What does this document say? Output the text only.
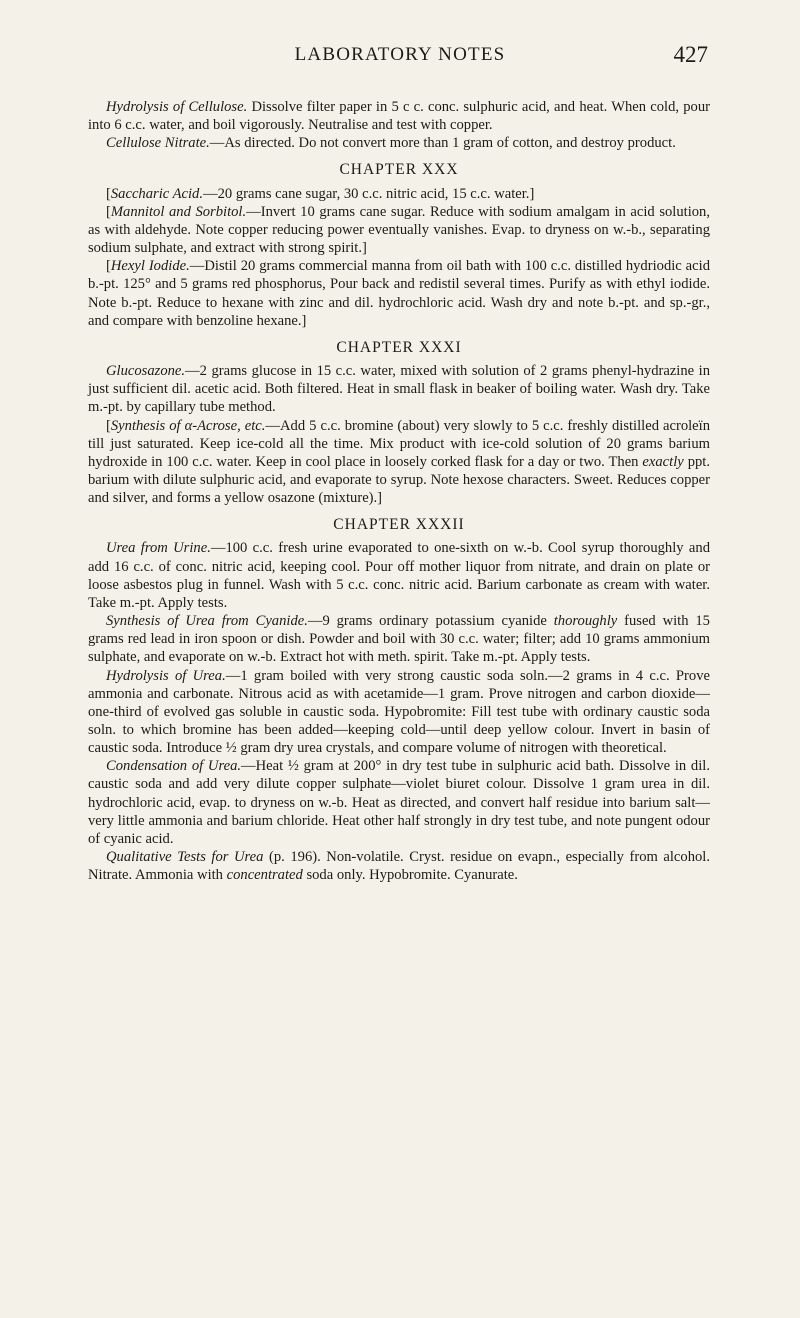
LABORATORY NOTES	427

Hydrolysis of Cellulose. Dissolve filter paper in 5 c c. conc. sulphuric acid, and heat. When cold, pour into 6 c.c. water, and boil vigorously. Neutralise and test with copper.

Cellulose Nitrate.—As directed. Do not convert more than 1 gram of cotton, and destroy product.

CHAPTER XXX

[Saccharic Acid.—20 grams cane sugar, 30 c.c. nitric acid, 15 c.c. water.]

[Mannitol and Sorbitol.—Invert 10 grams cane sugar. Reduce with sodium amalgam in acid solution, as with aldehyde. Note copper reducing power eventually vanishes. Evap. to dryness on w.-b., separating sodium sulphate, and extract with strong spirit.]

[Hexyl Iodide.—Distil 20 grams commercial manna from oil bath with 100 c.c. distilled hydriodic acid b.-pt. 125° and 5 grams red phosphorus, Pour back and redistil several times. Purify as with ethyl iodide. Note b.-pt. Reduce to hexane with zinc and dil. hydrochloric acid. Wash dry and note b.-pt. and sp.-gr., and compare with benzoline hexane.]

CHAPTER XXXI

Glucosazone.—2 grams glucose in 15 c.c. water, mixed with solution of 2 grams phenyl-hydrazine in just sufficient dil. acetic acid. Both filtered. Heat in small flask in beaker of boiling water. Wash dry. Take m.-pt. by capillary tube method.

[Synthesis of α-Acrose, etc.—Add 5 c.c. bromine (about) very slowly to 5 c.c. freshly distilled acroleïn till just saturated. Keep ice-cold all the time. Mix product with ice-cold solution of 20 grams barium hydroxide in 100 c.c. water. Keep in cool place in loosely corked flask for a day or two. Then exactly ppt. barium with dilute sulphuric acid, and evaporate to syrup. Note hexose characters. Sweet. Reduces copper and silver, and forms a yellow osazone (mixture).]

CHAPTER XXXII

Urea from Urine.—100 c.c. fresh urine evaporated to one-sixth on w.-b. Cool syrup thoroughly and add 16 c.c. of conc. nitric acid, keeping cool. Pour off mother liquor from nitrate, and drain on plate or loose asbestos plug in funnel. Wash with 5 c.c. conc. nitric acid. Barium carbonate as cream with water. Take m.-pt. Apply tests.

Synthesis of Urea from Cyanide.—9 grams ordinary potassium cyanide thoroughly fused with 15 grams red lead in iron spoon or dish. Powder and boil with 30 c.c. water; filter; add 10 grams ammonium sulphate, and evaporate on w.-b. Extract hot with meth. spirit. Take m.-pt. Apply tests.

Hydrolysis of Urea.—1 gram boiled with very strong caustic soda soln.—2 grams in 4 c.c. Prove ammonia and carbonate. Nitrous acid as with acetamide—1 gram. Prove nitrogen and carbon dioxide—one-third of evolved gas soluble in caustic soda. Hypobromite: Fill test tube with ordinary caustic soda soln. to which bromine has been added—keeping cold—until deep yellow colour. Invert in basin of caustic soda. Introduce ½ gram dry urea crystals, and compare volume of nitrogen with theoretical.

Condensation of Urea.—Heat ½ gram at 200° in dry test tube in sulphuric acid bath. Dissolve in dil. caustic soda and add very dilute copper sulphate—violet biuret colour. Dissolve 1 gram urea in dil. hydrochloric acid, evap. to dryness on w.-b. Heat as directed, and convert half residue into barium salt—very little ammonia and barium chloride. Heat other half strongly in dry test tube, and note pungent odour of cyanic acid.

Qualitative Tests for Urea (p. 196). Non-volatile. Cryst. residue on evapn., especially from alcohol. Nitrate. Ammonia with concentrated soda only. Hypobromite. Cyanurate.
